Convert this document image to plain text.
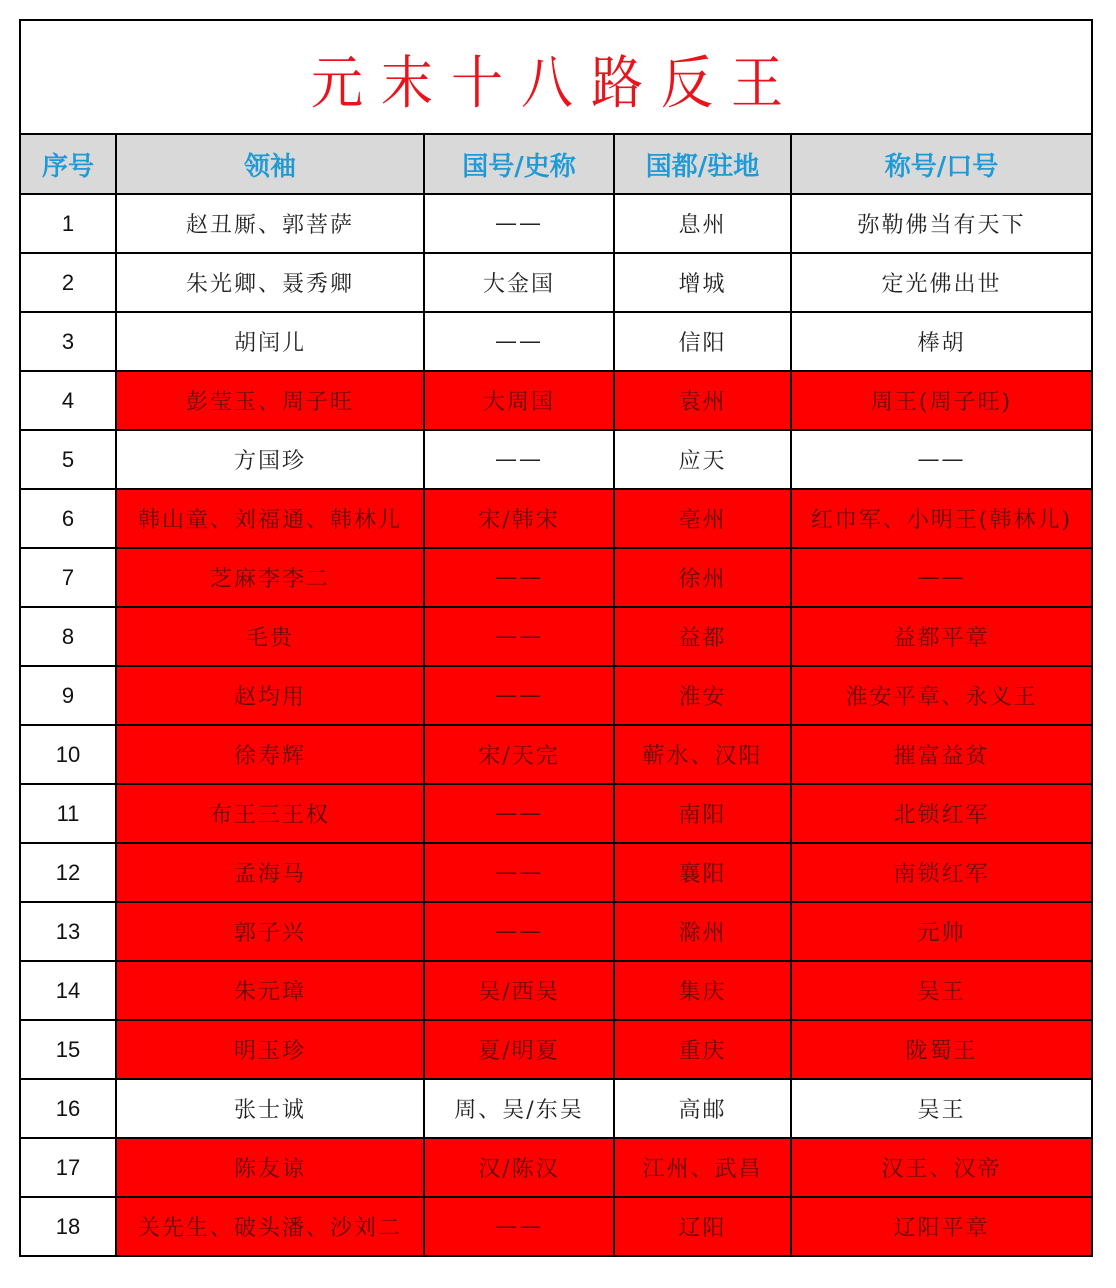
元末十八路反王
序号	领袖	国号/史称	国都/驻地	称号/口号
1	赵丑厮、郭菩萨	——	息州	弥勒佛当有天下
2	朱光卿、聂秀卿	大金国	增城	定光佛出世
3	胡闰儿	——	信阳	棒胡
4	彭莹玉、周子旺	大周国	袁州	周王(周子旺)
5	方国珍	——	应天	——
6	韩山童、刘福通、韩林儿	宋/韩宋	亳州	红巾军、小明王(韩林儿)
7	芝麻李李二	——	徐州	——
8	毛贵	——	益都	益都平章
9	赵均用	——	淮安	淮安平章、永义王
10	徐寿辉	宋/天完	蕲水、汉阳	摧富益贫
11	布王三王权	——	南阳	北锁红军
12	孟海马	——	襄阳	南锁红军
13	郭子兴	——	滁州	元帅
14	朱元璋	吴/西吴	集庆	吴王
15	明玉珍	夏/明夏	重庆	陇蜀王
16	张士诚	周、吴/东吴	高邮	吴王
17	陈友谅	汉/陈汉	江州、武昌	汉王、汉帝
18	关先生、破头潘、沙刘二	——	辽阳	辽阳平章
